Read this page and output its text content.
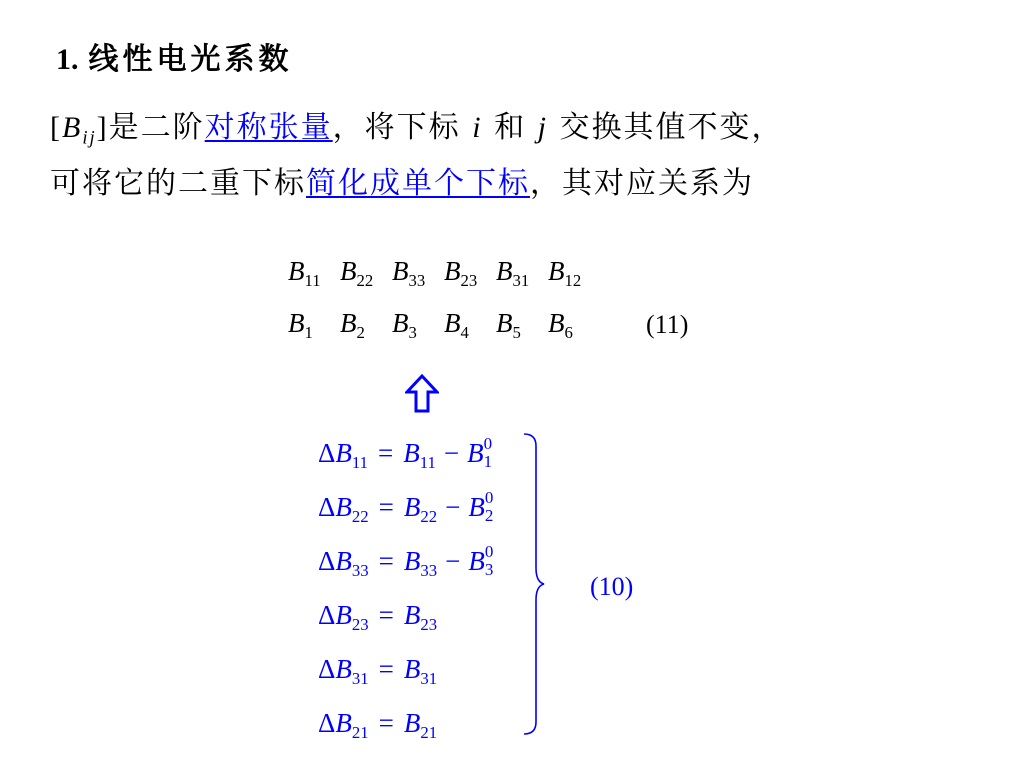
1. 线性电光系数
$[B_{ij}]$是二阶对称张量，将下标 i 和 j 交换其值不变，
可将它的二重下标简化成单个下标，其对应关系为
$B_{11}$ $B_{22}$ $B_{33}$ $B_{23}$ $B_{31}$ $B_{12}$
$B_1$ $B_2$ $B_3$ $B_4$ $B_5$ $B_6$	(11)
$\Delta B_{11} = B_{11} - B$ 0
1
$\Delta B_{22} = B_{22} - B$ 0
2
$\Delta B_{33} = B_{33} - B$ 0
3
$\Delta B_{23} = B_{23}$
$\Delta B_{31} = B_{31}$
$\Delta B_{21} = B_{21}$
(10)
